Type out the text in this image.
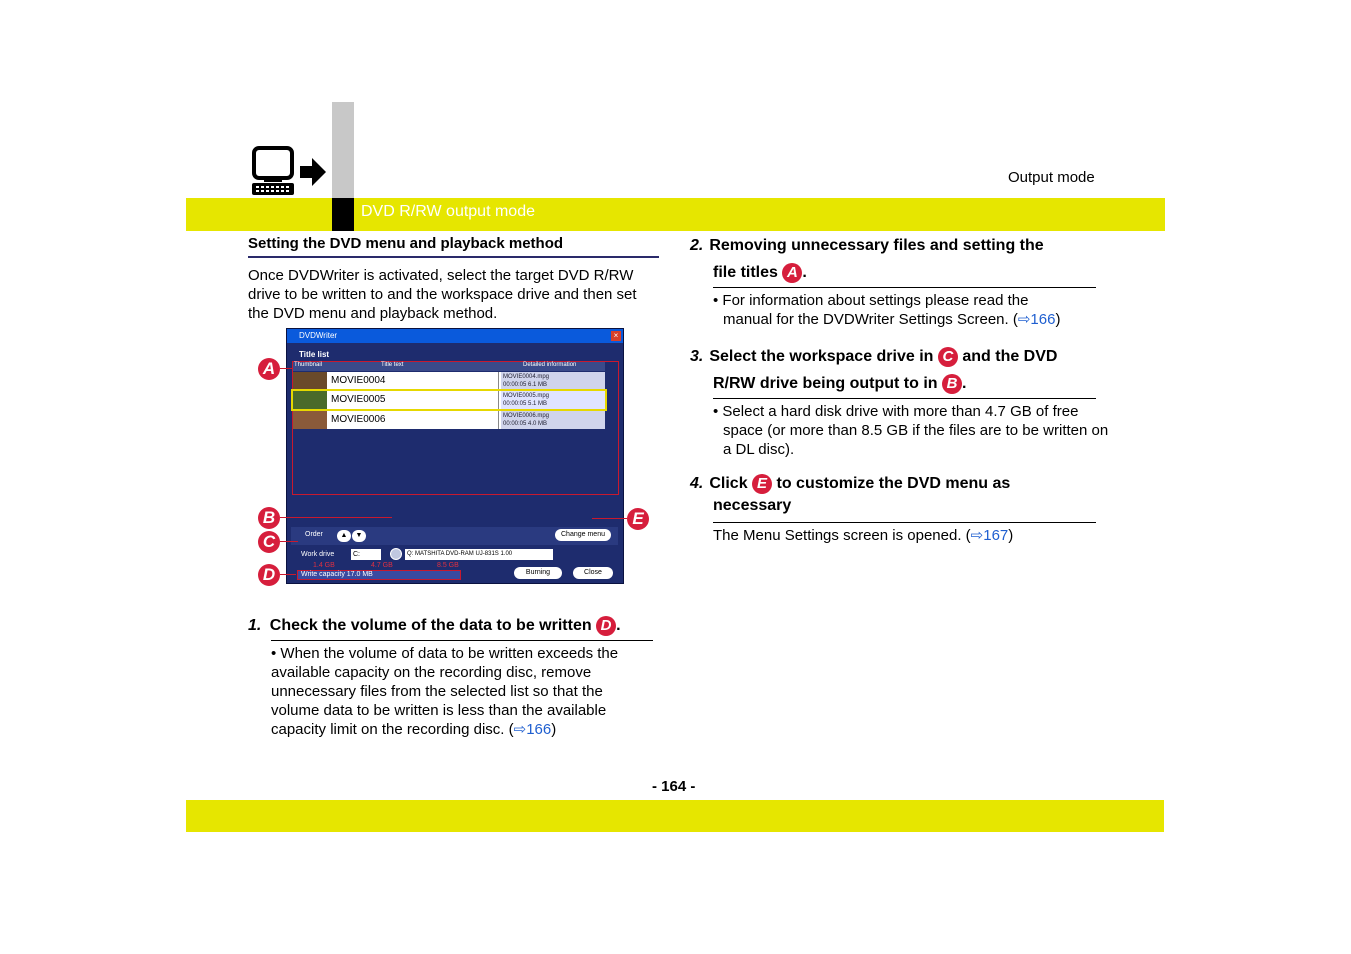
Output mode
DVD R/RW output mode
Setting the DVD menu and playback method
Once DVDWriter is activated, select the target DVD R/RW drive to be written to and the workspace drive and then set the DVD menu and playback method.
DVDWriter	×
Title list
Thumbnail	Title text	Detailed information
MOVIE0004	MOVIE0004.mpg
00:00:05 6.1 MB
MOVIE0005	MOVIE0005.mpg
00:00:05 5.1 MB
MOVIE0006	MOVIE0006.mpg
00:00:05 4.0 MB
Order	▲	▼	Change menu
Work drive	C:	Q: MATSHITA DVD-RAM UJ-831S 1.00
1.4 GB	4.7 GB	8.5 GB
Write capacity 17.0 MB	Burning	Close
A
B
C
D
E
1. Check the volume of the data to be written D .
• When the volume of data to be written exceeds the available capacity on the recording disc, remove unnecessary files from the selected list so that the volume data to be written is less than the available capacity limit on the recording disc. (⇨166)
2. Removing unnecessary files and setting the
file titles A .
• For information about settings please read the
manual for the DVDWriter Settings Screen. (⇨166)
3. Select the workspace drive in C and the DVD
R/RW drive being output to in B .
• Select a hard disk drive with more than 4.7 GB of free space (or more than 8.5 GB if the files are to be written on a DL disc).
4. Click E to customize the DVD menu as
necessary
The Menu Settings screen is opened. (⇨167)
- 164 -
